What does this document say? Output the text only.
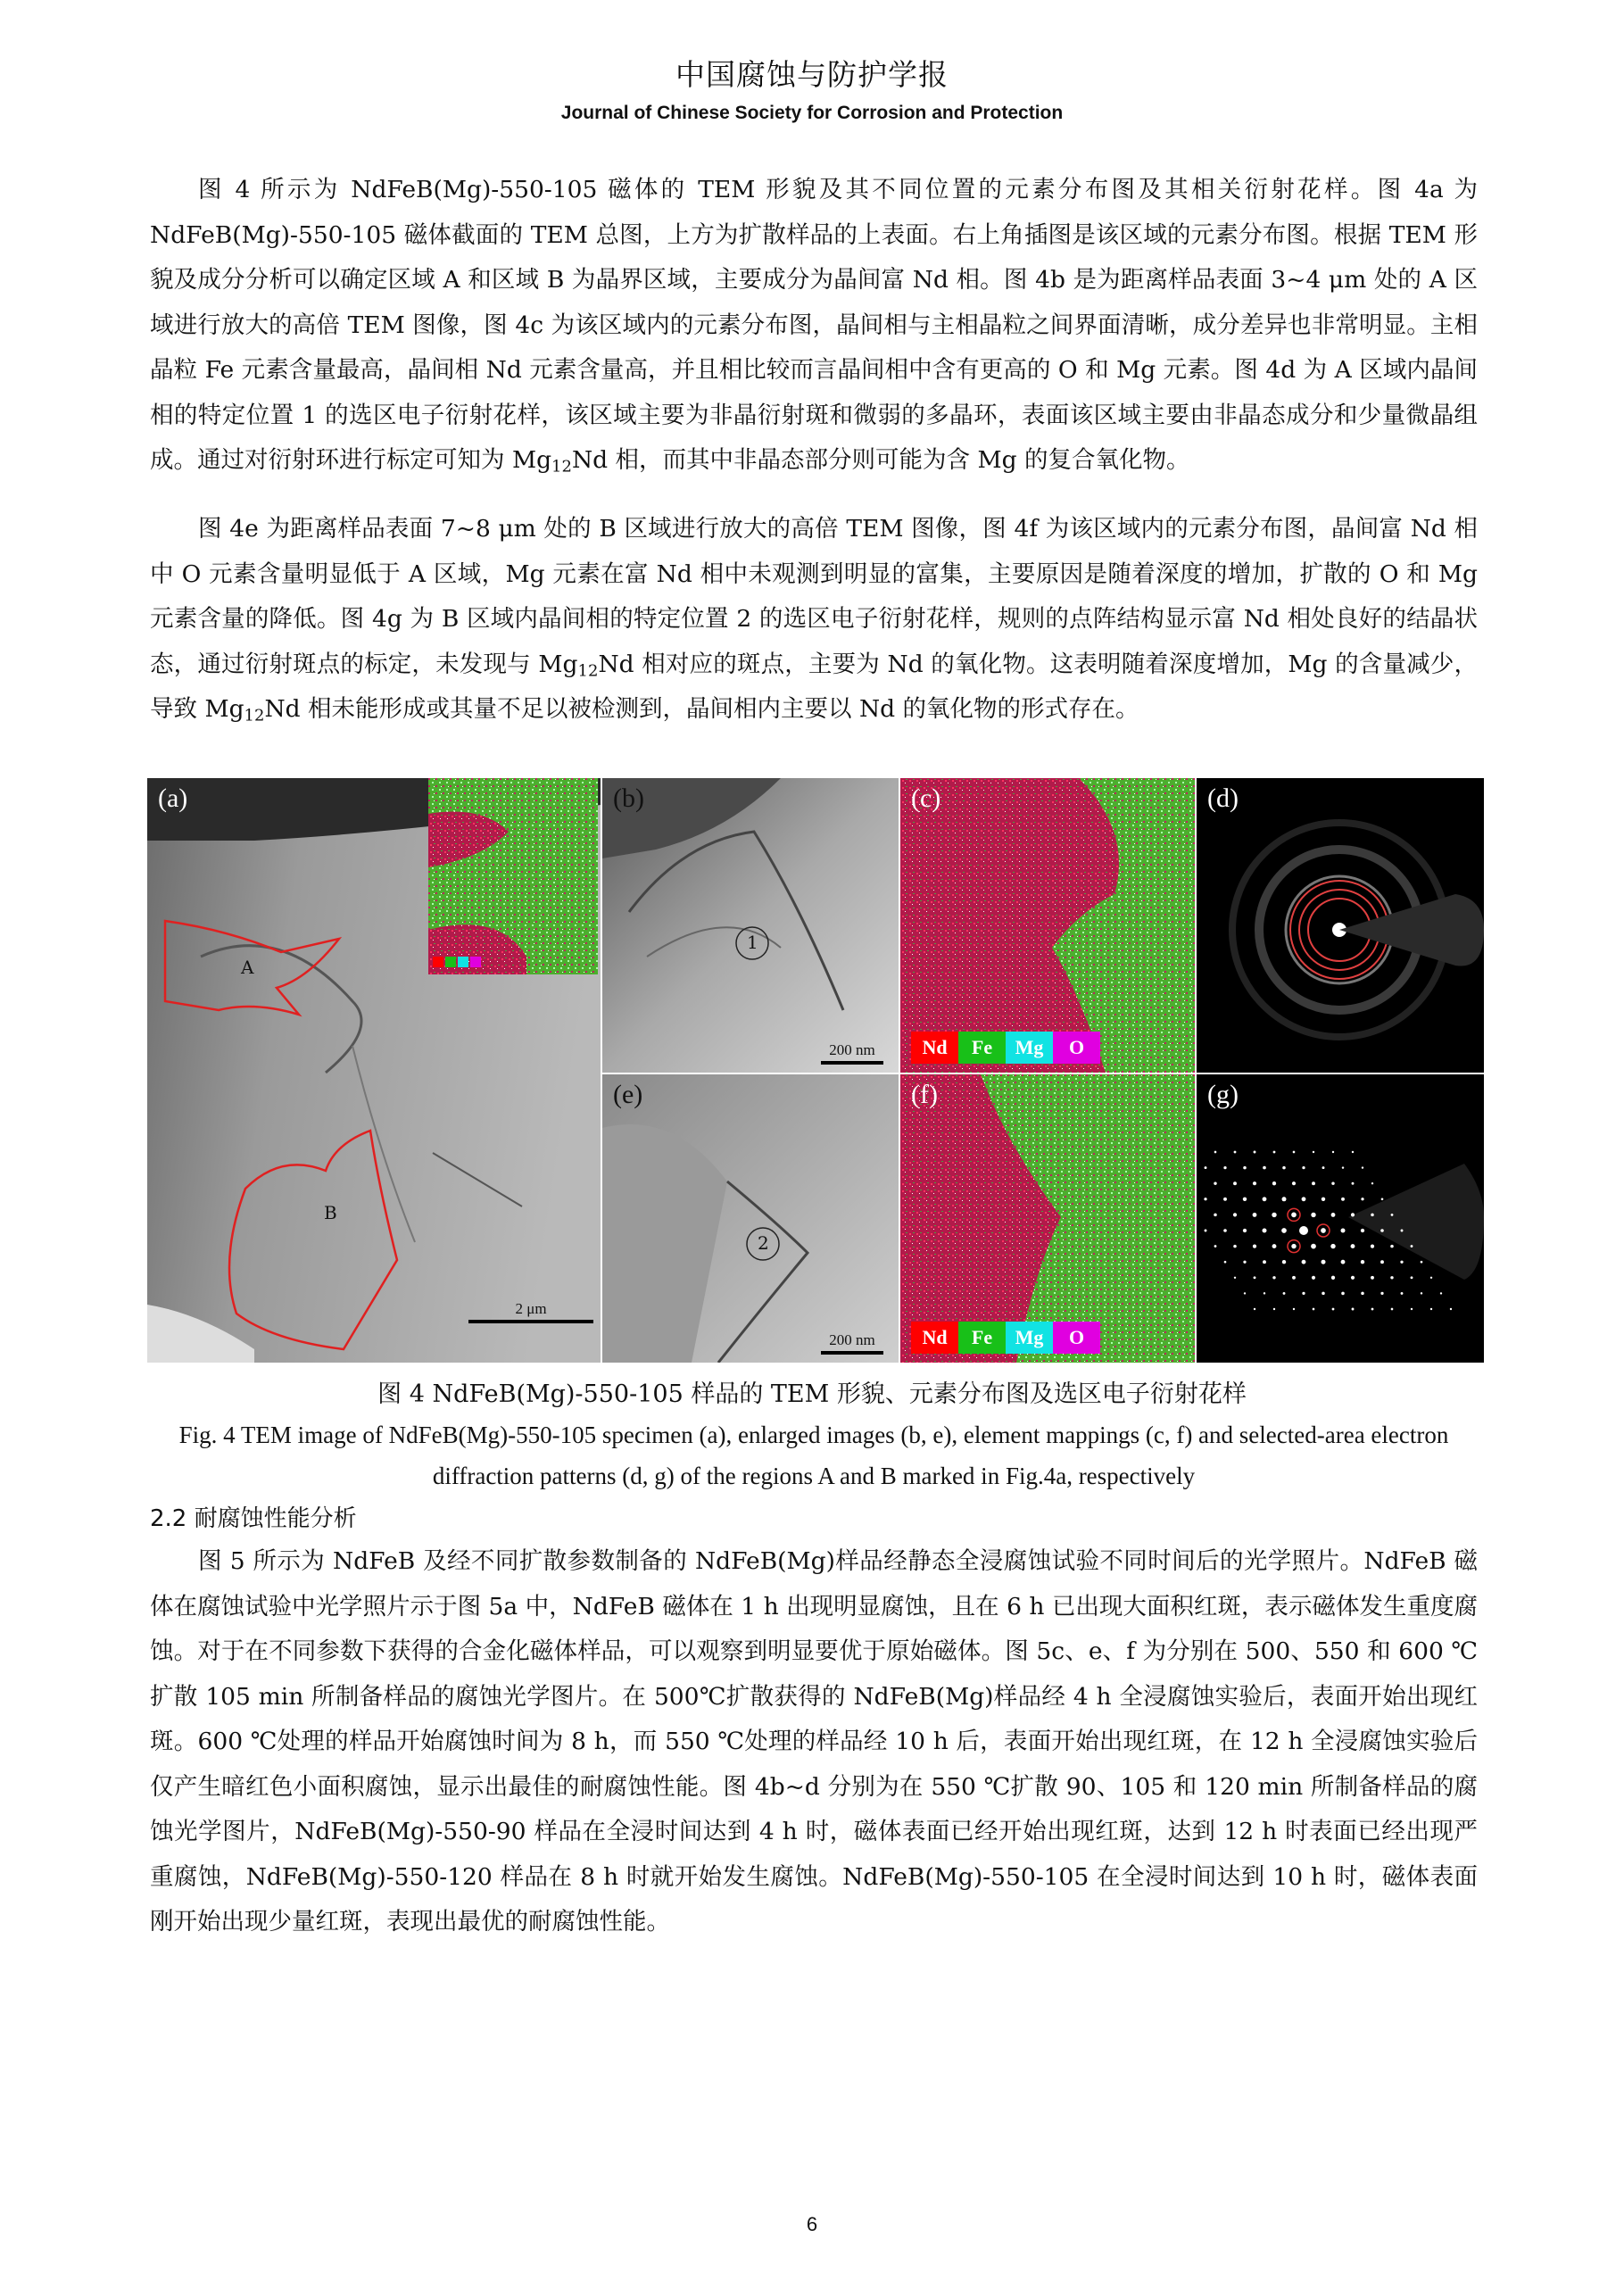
中国腐蚀与防护学报
Journal of Chinese Society for Corrosion and Protection
图 4 所示为 NdFeB(Mg)-550-105 磁体的 TEM 形貌及其不同位置的元素分布图及其相关衍射花样。图 4a 为 NdFeB(Mg)-550-105 磁体截面的 TEM 总图，上方为扩散样品的上表面。右上角插图是该区域的元素分布图。根据 TEM 形貌及成分分析可以确定区域 A 和区域 B 为晶界区域，主要成分为晶间富 Nd 相。图 4b 是为距离样品表面 3~4 μm 处的 A 区域进行放大的高倍 TEM 图像，图 4c 为该区域内的元素分布图，晶间相与主相晶粒之间界面清晰，成分差异也非常明显。主相晶粒 Fe 元素含量最高，晶间相 Nd 元素含量高，并且相比较而言晶间相中含有更高的 O 和 Mg 元素。图 4d 为 A 区域内晶间相的特定位置 1 的选区电子衍射花样，该区域主要为非晶衍射斑和微弱的多晶环，表面该区域主要由非晶态成分和少量微晶组成。通过对衍射环进行标定可知为 $Mg_{12}Nd$ 相，而其中非晶态部分则可能为含 Mg 的复合氧化物。
图 4e 为距离样品表面 7~8 μm 处的 B 区域进行放大的高倍 TEM 图像，图 4f 为该区域内的元素分布图，晶间富 Nd 相中 O 元素含量明显低于 A 区域，Mg 元素在富 Nd 相中未观测到明显的富集，主要原因是随着深度的增加，扩散的 O 和 Mg 元素含量的降低。图 4g 为 B 区域内晶间相的特定位置 2 的选区电子衍射花样，规则的点阵结构显示富 Nd 相处良好的结晶状态，通过衍射斑点的标定，未发现与 $Mg_{12}Nd$ 相对应的斑点，主要为 Nd 的氧化物。这表明随着深度增加，Mg 的含量减少，导致 $Mg_{12}Nd$ 相未能形成或其量不足以被检测到，晶间相内主要以 Nd 的氧化物的形式存在。
(a)
A
B
2 μm
(b)
1
200 nm
(c)
Nd	Fe	Mg	O
(d)
(e)
2
200 nm
(f)
Nd	Fe	Mg	O
(g)
图 4 NdFeB(Mg)-550-105 样品的 TEM 形貌、元素分布图及选区电子衍射花样
Fig. 4 TEM image of NdFeB(Mg)-550-105 specimen (a), enlarged images (b, e), element mappings (c, f) and selected-area electron diffraction patterns (d, g) of the regions A and B marked in Fig.4a, respectively
2.2 耐腐蚀性能分析
图 5 所示为 NdFeB 及经不同扩散参数制备的 NdFeB(Mg)样品经静态全浸腐蚀试验不同时间后的光学照片。NdFeB 磁体在腐蚀试验中光学照片示于图 5a 中，NdFeB 磁体在 1 h 出现明显腐蚀，且在 6 h 已出现大面积红斑，表示磁体发生重度腐蚀。对于在不同参数下获得的合金化磁体样品，可以观察到明显要优于原始磁体。图 5c、e、f 为分别在 500、550 和 600 ℃扩散 105 min 所制备样品的腐蚀光学图片。在 500℃扩散获得的 NdFeB(Mg)样品经 4 h 全浸腐蚀实验后，表面开始出现红斑。600 ℃处理的样品开始腐蚀时间为 8 h，而 550 ℃处理的样品经 10 h 后，表面开始出现红斑，在 12 h 全浸腐蚀实验后仅产生暗红色小面积腐蚀，显示出最佳的耐腐蚀性能。图 4b~d 分别为在 550 ℃扩散 90、105 和 120 min 所制备样品的腐蚀光学图片，NdFeB(Mg)-550-90 样品在全浸时间达到 4 h 时，磁体表面已经开始出现红斑，达到 12 h 时表面已经出现严重腐蚀，NdFeB(Mg)-550-120 样品在 8 h 时就开始发生腐蚀。NdFeB(Mg)-550-105 在全浸时间达到 10 h 时，磁体表面刚开始出现少量红斑，表现出最优的耐腐蚀性能。
6
